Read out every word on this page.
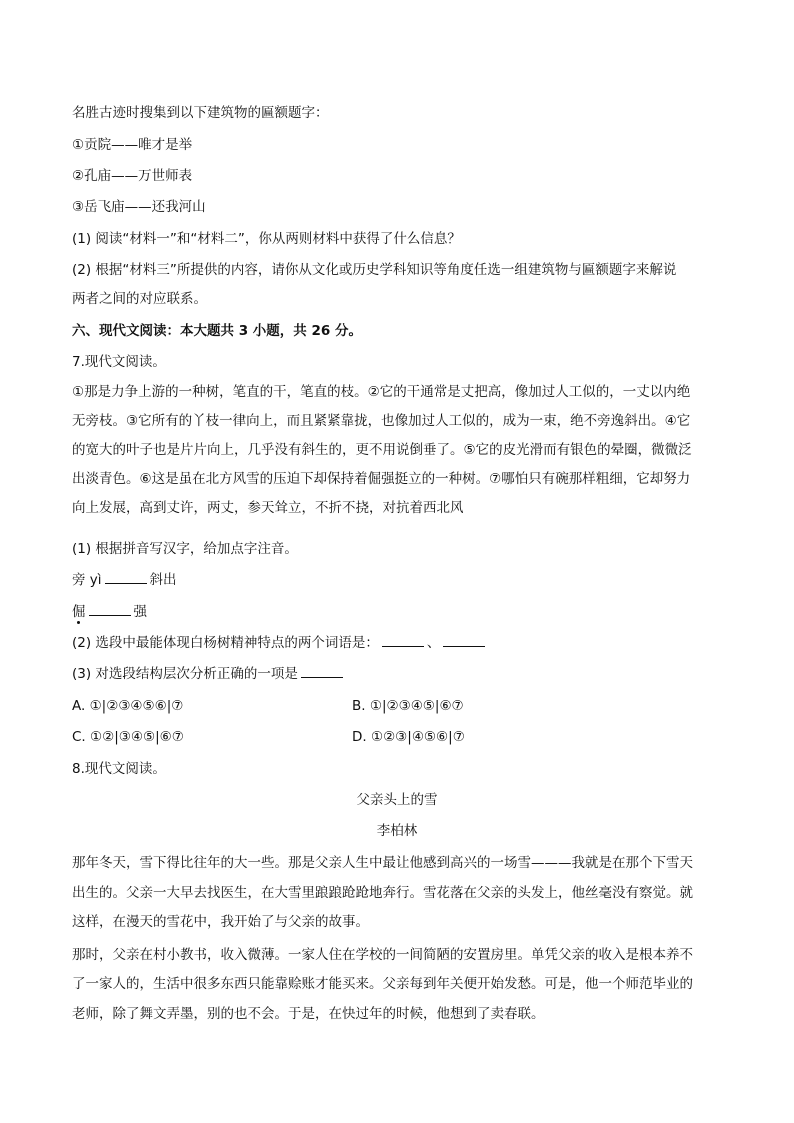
名胜古迹时搜集到以下建筑物的匾额题字：
①贡院——唯才是举
②孔庙——万世师表
③岳飞庙——还我河山
(1) 阅读“材料一”和“材料二”，你从两则材料中获得了什么信息？
(2) 根据“材料三”所提供的内容，请你从文化或历史学科知识等角度任选一组建筑物与匾额题字来解说
两者之间的对应联系。
六、现代文阅读：本大题共 3 小题，共 26 分。
7.现代文阅读。
①那是力争上游的一种树，笔直的干，笔直的枝。②它的干通常是丈把高，像加过人工似的，一丈以内绝
无旁枝。③它所有的丫枝一律向上，而且紧紧靠拢，也像加过人工似的，成为一束，绝不旁逸斜出。④它
的宽大的叶子也是片片向上，几乎没有斜生的，更不用说倒垂了。⑤它的皮光滑而有银色的晕圈，微微泛
出淡青色。⑥这是虽在北方风雪的压迫下却保持着倔强挺立的一种树。⑦哪怕只有碗那样粗细，它却努力
向上发展，高到丈许，两丈，参天耸立，不折不挠，对抗着西北风
(1) 根据拼音写汉字，给加点字注音。
旁 yì	斜出
倔	强
(2) 选段中最能体现白杨树精神特点的两个词语是：	、
(3) 对选段结构层次分析正确的一项是
A. ①|②③④⑤⑥|⑦	B. ①|②③④⑤|⑥⑦
C. ①②|③④⑤|⑥⑦	D. ①②③|④⑤⑥|⑦
8.现代文阅读。
父亲头上的雪
李柏林
那年冬天，雪下得比往年的大一些。那是父亲人生中最让他感到高兴的一场雪———我就是在那个下雪天
出生的。父亲一大早去找医生，在大雪里踉踉跄跄地奔行。雪花落在父亲的头发上，他丝毫没有察觉。就
这样，在漫天的雪花中，我开始了与父亲的故事。
那时，父亲在村小教书，收入微薄。一家人住在学校的一间简陋的安置房里。单凭父亲的收入是根本养不
了一家人的，生活中很多东西只能靠赊账才能买来。父亲每到年关便开始发愁。可是，他一个师范毕业的
老师，除了舞文弄墨，别的也不会。于是，在快过年的时候，他想到了卖春联。
